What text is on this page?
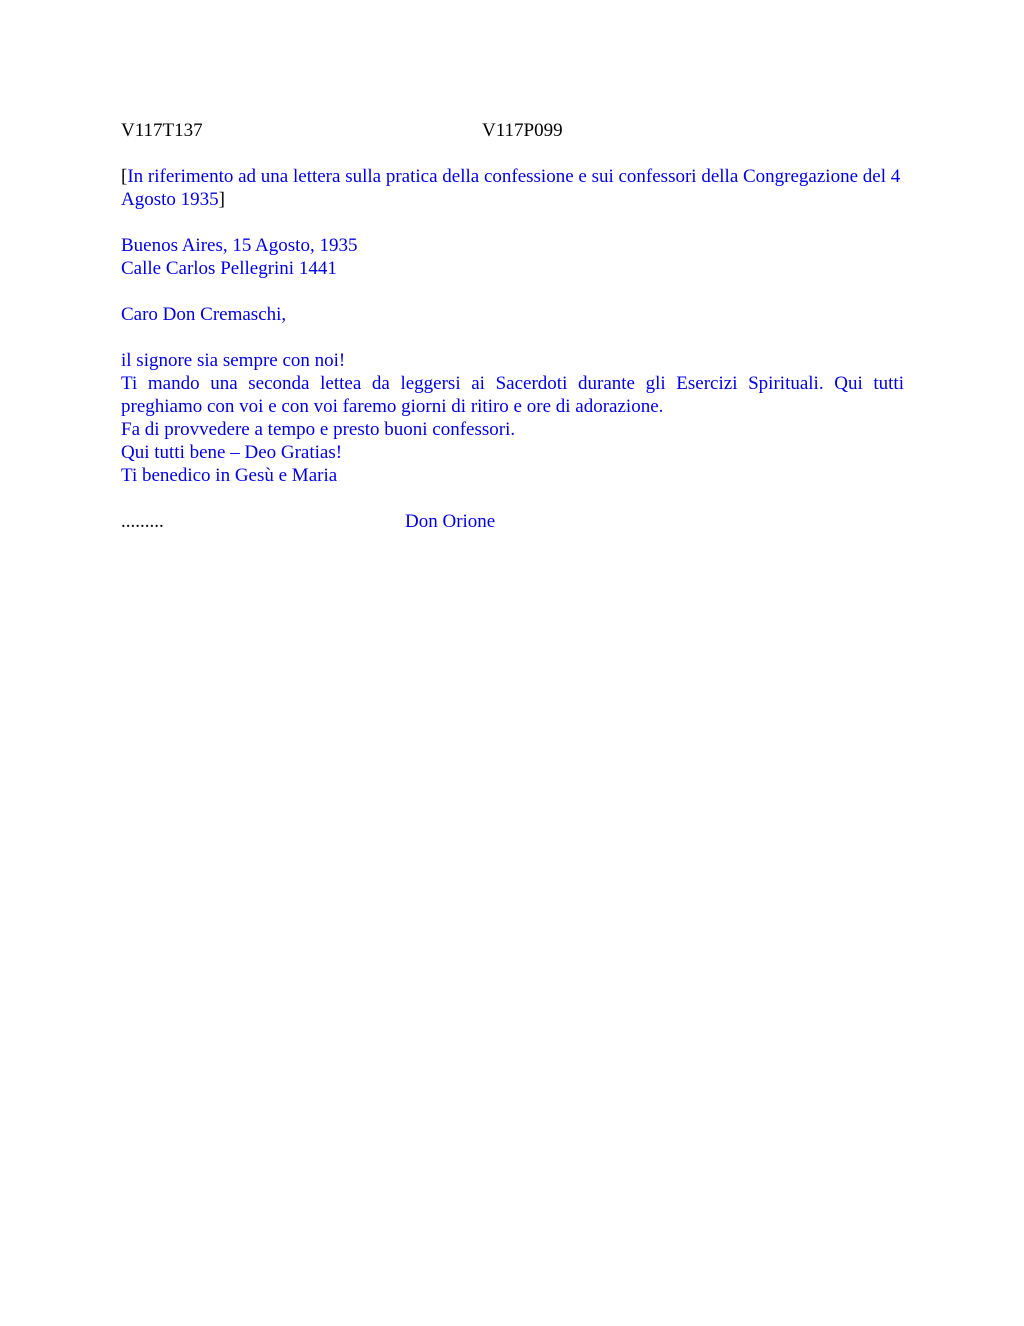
V117T137	V117P099

[In riferimento ad una lettera sulla pratica della confessione e sui confessori della Congregazione del 4 Agosto 1935]

Buenos Aires, 15 Agosto, 1935

Calle Carlos Pellegrini 1441

Caro Don Cremaschi,

il signore sia sempre con noi!

Ti mando una seconda lettea da leggersi ai Sacerdoti durante gli Esercizi Spirituali. Qui tutti preghiamo con voi e con voi faremo giorni di ritiro e ore di adorazione.

Fa di provvedere a tempo e presto buoni confessori.

Qui tutti bene – Deo Gratias!

Ti benedico in Gesù e Maria

.........	Don Orione
